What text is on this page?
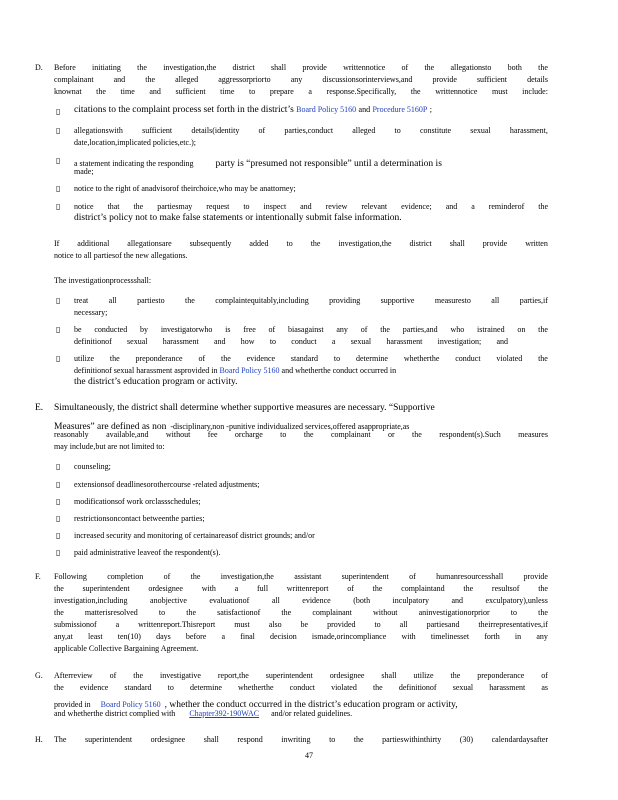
D. Before initiating the investigation,the district shall provide writtennotice of the allegationsto both the
complainant	and	the	alleged	aggressorpriorto	any	discussionsorinterviews,and	provide	sufficient	details
knownat the time and sufficient time to prepare a response.Specifically, the writtennotice must include:
▯ citations to the complaint process set forth in the district’s Board Policy 5160 and Procedure 5160P ;
▯ allegationswith sufficient details(identity of parties,conduct alleged to constitute sexual harassment,
date,location,implicated policies,etc.);
▯ a statement indicating the responding party is “presumed not responsible” until a determination is
made;
▯ notice to the right of anadvisorof theirchoice,who may be anattorney;
▯ notice that the partiesmay request to inspect and review relevant evidence; and a reminderof the
district’s policy not to make false statements or intentionally submit false information.
If additional allegationsare subsequently added to the investigation,the district shall provide written
notice to all partiesof the new allegations.
The investigationprocessshall:
▯ treat	all	partiesto	the	complaintequitably,including	providing	supportive	measuresto	all	parties,if
necessary;
▯ be conducted by investigatorwho is free of biasagainst any of the parties,and who istrained on the
definitionof sexual harassment and how to conduct a sexual harassment investigation; and
▯ utilize the preponderance of the evidence standard to determine whetherthe conduct violated the
definitionof sexual harassment asprovided in Board Policy 5160 and whetherthe conduct occurred in
the district’s education program or activity.
E. Simultaneously, the district shall determine whether supportive measures are necessary. “Supportive
Measures” are defined as non -disciplinary,non -punitive individualized services,offered asappropriate,as
reasonably available,and without fee orcharge to the complainant or the respondent(s).Such measures
may include,but are not limited to:
▯ counseling;
▯ extensionsof deadlinesorothercourse -related adjustments;
▯ modificationsof work orclassschedules;
▯ restrictionsoncontact betweenthe parties;
▯ increased security and monitoring of certainareasof district grounds; and/or
▯ paid administrative leaveof the respondent(s).
F. Following	completion	of	the	investigation,the	assistant	superintendent	of	humanresourcesshall	provide
the superintendent ordesignee with a full writtenreport of the complaintand the resultsof the
investigation,including	anobjective	evaluationof	all	evidence	(both	inculpatory	and	exculpatory),unless
the	matterisresolved	to	the	satisfactionof	the	complainant	without	aninvestigationorprior	to	the
submissionof a writtenreport.Thisreport must also be provided to all partiesand theirrepresentatives,if
any,at least ten(10) days before a final decision ismade,orincompliance with timelinesset forth in any
applicable Collective Bargaining Agreement.
G. Afterreview of the investigative report,the superintendent ordesignee shall utilize the preponderance of
the evidence standard to determine whetherthe conduct violated the definitionof sexual harassment as
provided in Board Policy 5160 , whether the conduct occurred in the district’s education program or activity,
and whetherthe district complied with Chapter392-190WAC and/or related guidelines.
H. The superintendent ordesignee shall respond inwriting to the partieswithinthirty (30) calendardaysafter
47
